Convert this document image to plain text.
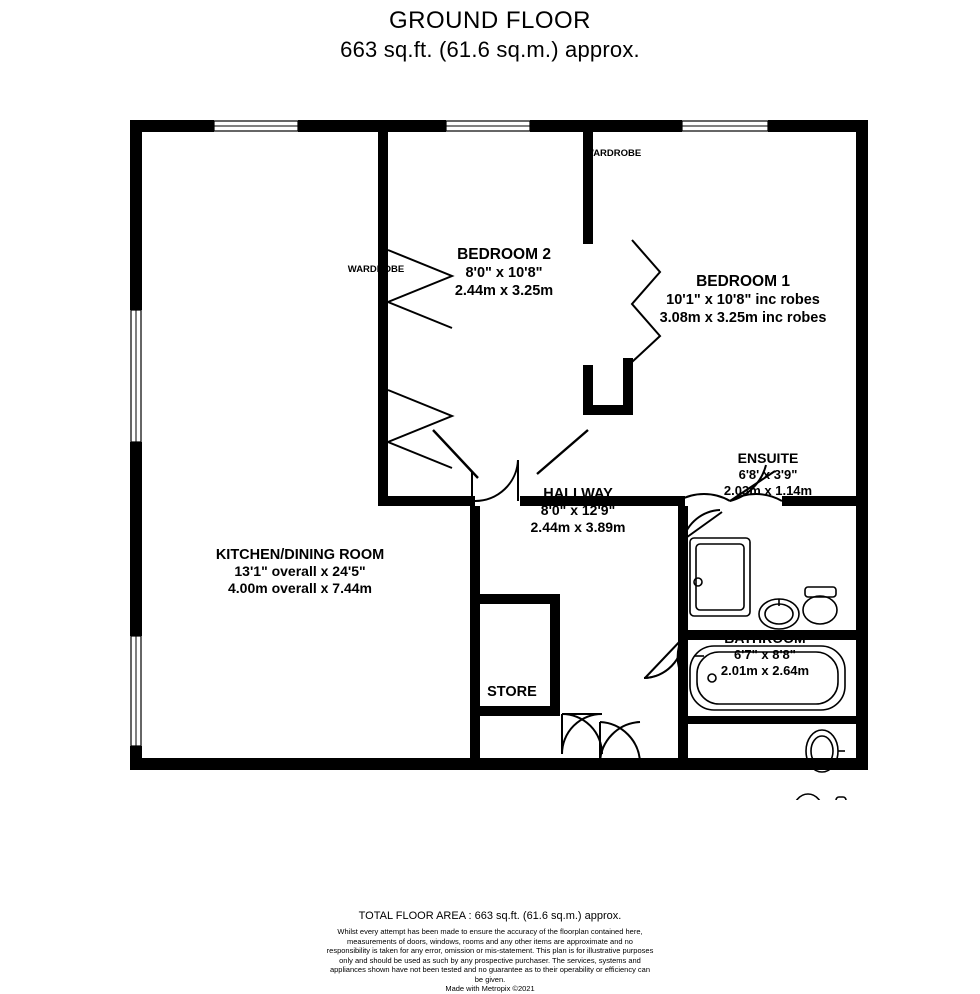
GROUND FLOOR
663 sq.ft. (61.6 sq.m.) approx.
BEDROOM 2
8'0" x 10'8"
2.44m x 3.25m
BEDROOM 1
10'1" x 10'8" inc robes
3.08m x 3.25m inc robes
ENSUITE
6'8' x 3'9"
2.03m x 1.14m
BATHROOM
6'7" x 8'8"
2.01m x 2.64m
HALLWAY
8'0" x 12'9"
2.44m x 3.89m
KITCHEN/DINING ROOM
13'1" overall x 24'5"
4.00m overall x 7.44m
STORE
WARDROBE
WARDROBE
TOTAL FLOOR AREA : 663 sq.ft. (61.6 sq.m.) approx.
Whilst every attempt has been made to ensure the accuracy of the floorplan contained here, measurements of doors, windows, rooms and any other items are approximate and no responsibility is taken for any error, omission or mis-statement. This plan is for illustrative purposes only and should be used as such by any prospective purchaser. The services, systems and appliances shown have not been tested and no guarantee as to their operability or efficiency can be given.
Made with Metropix ©2021
